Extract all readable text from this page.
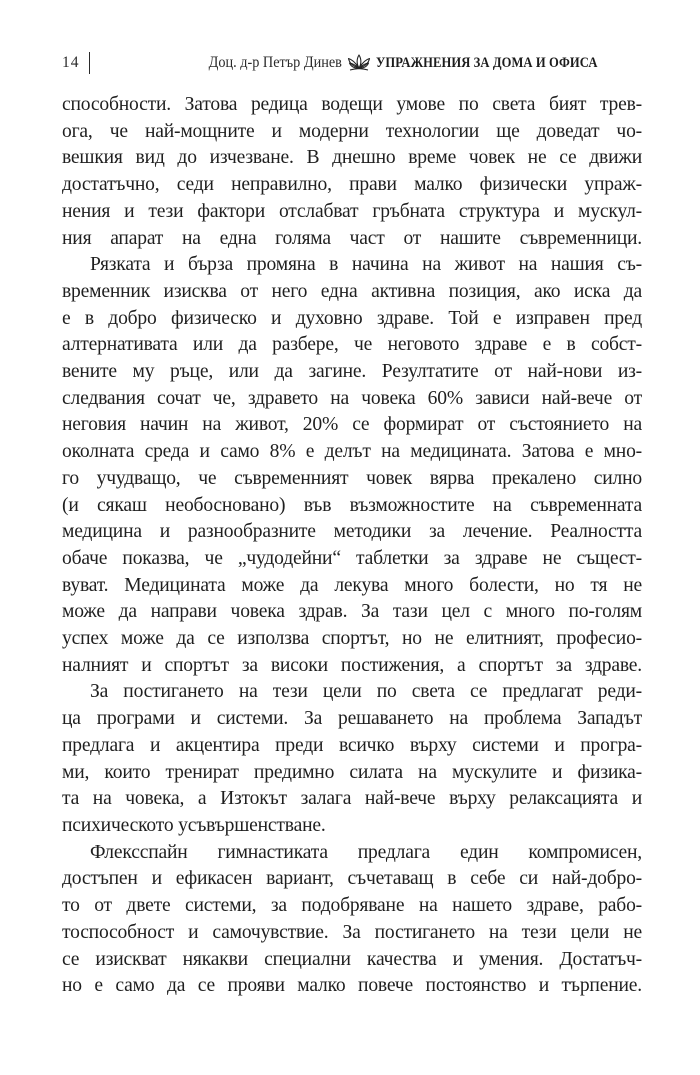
14	Доц. д-р Петър Динев УПРАЖНЕНИЯ ЗА ДОМА И ОФИСА

способности. Затова редица водещи умове по света бият трев-
ога, че най-мощните и модерни технологии ще доведат чо-
вешкия вид до изчезване. В днешно време човек не се движи
достатъчно, седи неправилно, прави малко физически упраж-
нения и тези фактори отслабват гръбната структура и мускул-
ния апарат на една голяма част от нашите съвременници.

Рязката и бърза промяна в начина на живот на нашия съ-
временник изисква от него една активна позиция, ако иска да
е в добро физическо и духовно здраве. Той е изправен пред
алтернативата или да разбере, че неговото здраве е в собст-
вените му ръце, или да загине. Резултатите от най-нови из-
следвания сочат че, здравето на човека 60% зависи най-вече от
неговия начин на живот, 20% се формират от състоянието на
околната среда и само 8% е делът на медицината. Затова е мно-
го учудващо, че съвременният човек вярва прекалено силно
(и сякаш необосновано) във възможностите на съвременната
медицина и разнообразните методики за лечение. Реалността
обаче показва, че „чудодейни“ таблетки за здраве не същест-
вуват. Медицината може да лекува много болести, но тя не
може да направи човека здрав. За тази цел с много по-голям
успех може да се използва спортът, но не елитният, професио-
налният и спортът за високи постижения, а спортът за здраве.

За постигането на тези цели по света се предлагат реди-
ца програми и системи. За решаването на проблема Западът
предлага и акцентира преди всичко върху системи и програ-
ми, които тренират предимно силата на мускулите и физика-
та на човека, а Изтокът залага най-вече върху релаксацията и
психическото усъвършенстване.

Флексспайн гимнастиката предлага един компромисен,
достъпен и ефикасен вариант, съчетаващ в себе си най-добро-
то от двете системи, за подобряване на нашето здраве, рабо-
тоспособност и самочувствие. За постигането на тези цели не
се изискват някакви специални качества и умения. Достатъч-
но е само да се прояви малко повече постоянство и търпение.
